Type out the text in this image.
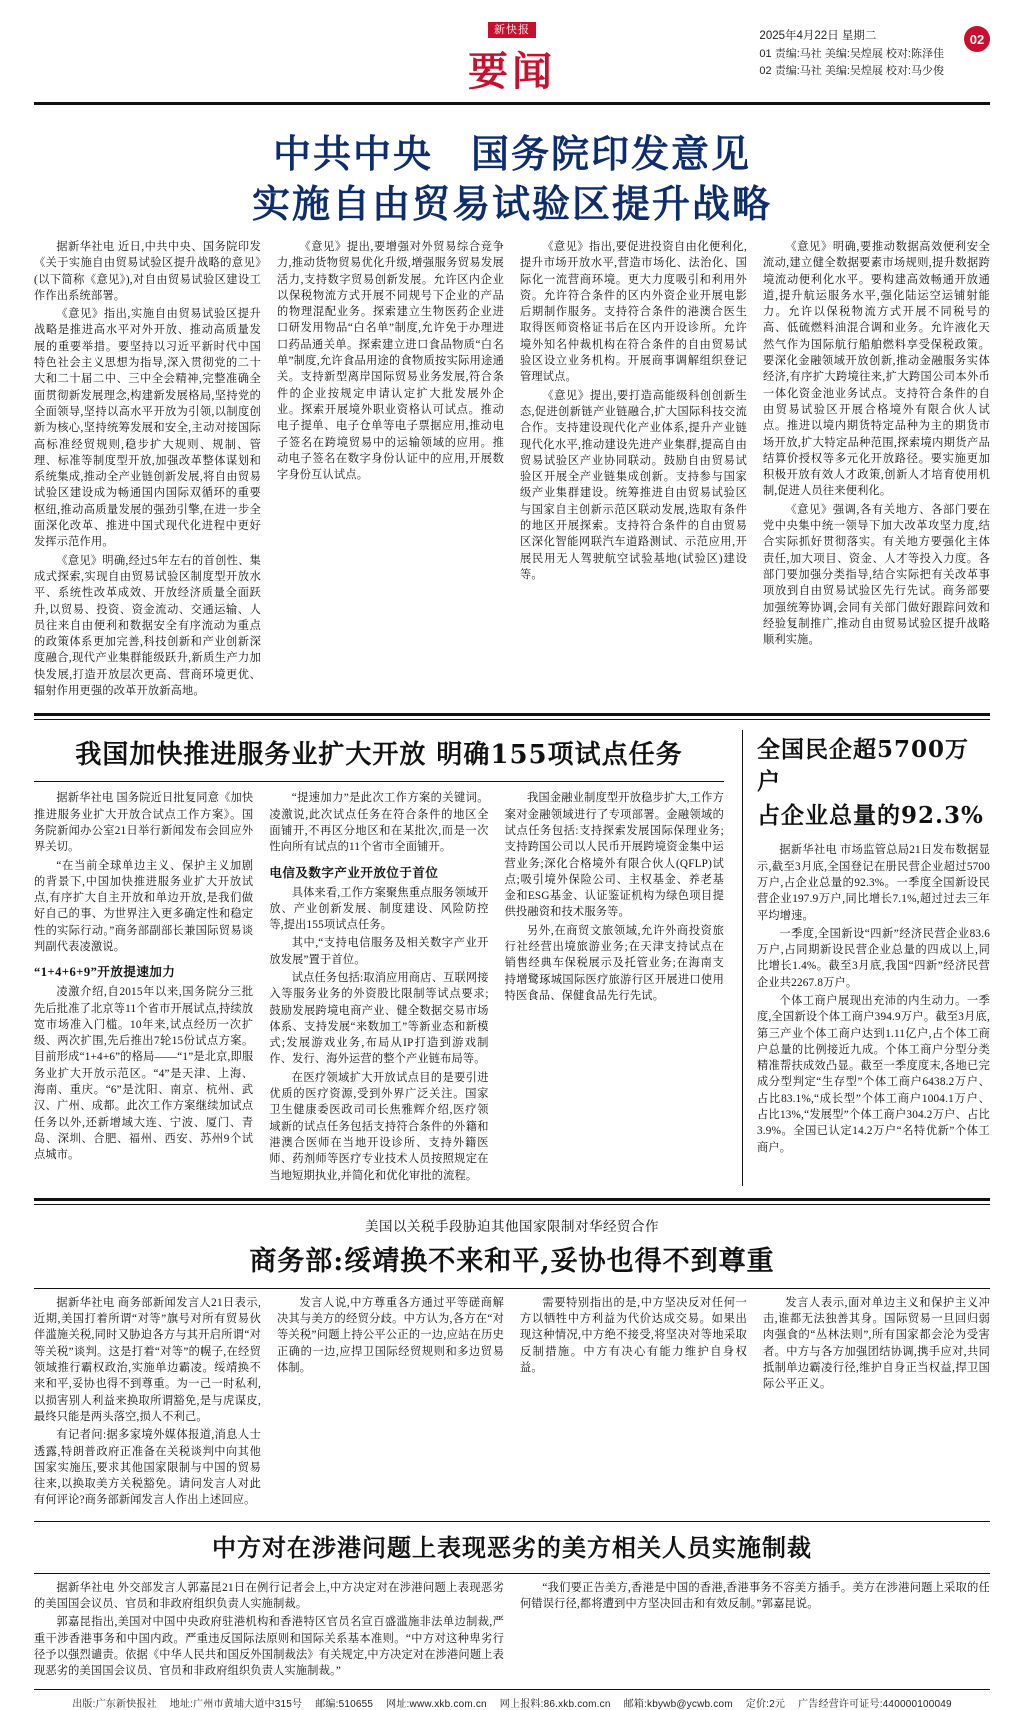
新快报
要闻
2025年4月22日 星期二
01 责编:马社 美编:吴煌展 校对:陈泽佳
02 责编:马社 美编:吴煌展 校对:马少俊
02
中共中央 国务院印发意见
实施自由贸易试验区提升战略

据新华社电 近日,中共中央、国务院印发《关于实施自由贸易试验区提升战略的意见》(以下简称《意见》),对自由贸易试验区建设工作作出系统部署。

《意见》指出,实施自由贸易试验区提升战略是推进高水平对外开放、推动高质量发展的重要举措。要坚持以习近平新时代中国特色社会主义思想为指导,深入贯彻党的二十大和二十届二中、三中全会精神,完整准确全面贯彻新发展理念,构建新发展格局,坚持党的全面领导,坚持以高水平开放为引领,以制度创新为核心,坚持统筹发展和安全,主动对接国际高标准经贸规则,稳步扩大规则、规制、管理、标准等制度型开放,加强改革整体谋划和系统集成,推动全产业链创新发展,将自由贸易试验区建设成为畅通国内国际双循环的重要枢纽,推动高质量发展的强劲引擎,在进一步全面深化改革、推进中国式现代化进程中更好发挥示范作用。

《意见》明确,经过5年左右的首创性、集成式探索,实现自由贸易试验区制度型开放水平、系统性改革成效、开放经济质量全面跃升,以贸易、投资、资金流动、交通运输、人员往来自由便利和数据安全有序流动为重点的政策体系更加完善,科技创新和产业创新深度融合,现代产业集群能级跃升,新质生产力加快发展,打造开放层次更高、营商环境更优、辐射作用更强的改革开放新高地。

《意见》提出,要增强对外贸易综合竞争力,推动货物贸易优化升级,增强服务贸易发展活力,支持数字贸易创新发展。允许区内企业以保税物流方式开展不同规号下企业的产品的物理混配业务。探索建立生物医药企业进口研发用物品“白名单”制度,允许免于办理进口药品通关单。探索建立进口食品物质“白名单”制度,允许食品用途的食物质按实际用途通关。支持新型离岸国际贸易业务发展,符合条件的企业按规定申请认定扩大批发展外企业。探索开展境外职业资格认可试点。推动电子提单、电子仓单等电子票据应用,推动电子签名在跨境贸易中的运输领域的应用。推动电子签名在数字身份认证中的应用,开展数字身份互认试点。

《意见》指出,要促进投资自由化便利化,提升市场开放水平,营造市场化、法治化、国际化一流营商环境。更大力度吸引和利用外资。允许符合条件的区内外资企业开展电影后期制作服务。支持符合条件的港澳合医生取得医师资格证书后在区内开设诊所。允许境外知名仲裁机构在符合条件的自由贸易试验区设立业务机构。开展商事调解组织登记管理试点。

《意见》提出,要打造高能级科创创新生态,促进创新链产业链融合,扩大国际科技交流合作。支持建设现代化产业体系,提升产业链现代化水平,推动建设先进产业集群,提高自由贸易试验区产业协同联动。鼓励自由贸易试验区开展全产业链集成创新。支持参与国家级产业集群建设。统筹推进自由贸易试验区与国家自主创新示范区联动发展,选取有条件的地区开展探索。支持符合条件的自由贸易区深化智能网联汽车道路测试、示范应用,开展民用无人驾驶航空试验基地(试验区)建设等。

《意见》明确,要推动数据高效便利安全流动,建立健全数据要素市场规则,提升数据跨境流动便利化水平。要构建高效畅通开放通道,提升航运服务水平,强化陆运空运铺射能力。允许以保税物流方式开展不同税号的高、低硫燃料油混合调和业务。允许液化天然气作为国际航行船舶燃料享受保税政策。要深化金融领域开放创新,推动金融服务实体经济,有序扩大跨境往来,扩大跨国公司本外币一体化资金池业务试点。支持符合条件的自由贸易试验区开展合格境外有限合伙人试点。推进以境内期货特定品种为主的期货市场开放,扩大特定品种范围,探索境内期货产品结算价授权等多元化开放路径。要实施更加积极开放有效人才政策,创新人才培育使用机制,促进人员往来便利化。

《意见》强调,各有关地方、各部门要在党中央集中统一领导下加大改革攻坚力度,结合实际抓好贯彻落实。有关地方要强化主体责任,加大项目、资金、人才等投入力度。各部门要加强分类指导,结合实际把有关改革事项放到自由贸易试验区先行先试。商务部要加强统筹协调,会同有关部门做好跟踪问效和经验复制推广,推动自由贸易试验区提升战略顺利实施。

我国加快推进服务业扩大开放 明确155项试点任务

据新华社电 国务院近日批复同意《加快推进服务业扩大开放合试点工作方案》。国务院新闻办公室21日举行新闻发布会回应外界关切。

“在当前全球单边主义、保护主义加剧的背景下,中国加快推进服务业扩大开放试点,有序扩大自主开放和单边开放,是我们做好自己的事、为世界注入更多确定性和稳定性的实际行动。”商务部副部长兼国际贸易谈判副代表凌激说。

“1+4+6+9”开放提速加力

凌激介绍,自2015年以来,国务院分三批先后批准了北京等11个省市开展试点,持续放宽市场准入门槛。10年来,试点经历一次扩级、两次扩围,先后推出7轮15份试点方案。目前形成“1+4+6”的格局——“1”是北京,即服务业扩大开放示范区。“4”是天津、上海、海南、重庆。“6”是沈阳、南京、杭州、武汉、广州、成都。此次工作方案继续加试点任务以外,还新增域大连、宁波、厦门、青岛、深圳、合肥、福州、西安、苏州9个试点城市。

“提速加力”是此次工作方案的关键词。凌激说,此次试点任务在符合条件的地区全面铺开,不再区分地区和在某批次,而是一次性向所有试点的11个省市全面铺开。

电信及数字产业开放位于首位

具体来看,工作方案聚焦重点服务领域开放、产业创新发展、制度建设、风险防控等,提出155项试点任务。

其中,“支持电信服务及相关数字产业开放发展”置于首位。

试点任务包括:取消应用商店、互联网接入等服务业务的外资股比限制等试点要求;鼓励发展跨境电商产业、健全数据交易市场体系、支持发展“来数加工”等新业态和新模式;发展游戏业务,布局从IP打造到游戏制作、发行、海外运营的整个产业链布局等。

在医疗领域扩大开放试点目的是要引进优质的医疗资源,受到外界广泛关注。国家卫生健康委医政司司长焦雅辉介绍,医疗领域新的试点任务包括支持符合条件的外籍和港澳合医师在当地开设诊所、支持外籍医师、药剂师等医疗专业技术人员按照规定在当地短期执业,并简化和优化审批的流程。

我国金融业制度型开放稳步扩大,工作方案对金融领域进行了专项部署。金融领域的试点任务包括:支持探索发展国际保理业务;支持跨国公司以人民币开展跨境资金集中运营业务;深化合格境外有限合伙人(QFLP)试点;吸引境外保险公司、主权基金、养老基金和ESG基金、认证鉴证机构为绿色项目提供投融资和技术服务等。

另外,在商贸文旅领域,允许外商投资旅行社经营出境旅游业务;在天津支持试点在销售经典车保税展示及托管业务;在海南支持增鹭琢城国际医疗旅游行区开展进口使用特医食品、保健食品先行先试。

全国民企超5700万户
占企业总量的92.3%

据新华社电 市场监管总局21日发布数据显示,截至3月底,全国登记在册民营企业超过5700万户,占企业总量的92.3%。一季度全国新设民营企业197.9万户,同比增长7.1%,超过过去三年平均增速。

一季度,全国新设“四新”经济民营企业83.6万户,占同期新设民营企业总量的四成以上,同比增长1.4%。截至3月底,我国“四新”经济民营企业共2267.8万户。

个体工商户展现出充沛的内生动力。一季度,全国新设个体工商户394.9万户。截至3月底,第三产业个体工商户达到1.11亿户,占个体工商户总量的比例接近九成。个体工商户分型分类精准帮扶成效凸显。截至一季度度末,各地已完成分型判定“生存型”个体工商户6438.2万户、占比83.1%,“成长型”个体工商户1004.1万户、占比13%,“发展型”个体工商户304.2万户、占比3.9%。全国已认定14.2万户“名特优新”个体工商户。

美国以关税手段胁迫其他国家限制对华经贸合作
商务部:绥靖换不来和平,妥协也得不到尊重

据新华社电 商务部新闻发言人21日表示,近期,美国打着所谓“对等”旗号对所有贸易伙伴滥施关税,同时又胁迫各方与其开启所谓“对等关税”谈判。这是打着“对等”的幌子,在经贸领域推行霸权政治,实施单边霸凌。绥靖换不来和平,妥协也得不到尊重。为一己一时私利,以损害别人利益来换取所谓豁免,是与虎谋皮,最终只能是两头落空,损人不利己。

有记者问:据多家境外媒体报道,消息人士透露,特朗普政府正准备在关税谈判中向其他国家实施压,要求其他国家限制与中国的贸易往来,以换取美方关税豁免。请问发言人对此有何评论?商务部新闻发言人作出上述回应。

发言人说,中方尊重各方通过平等磋商解决其与美方的经贸分歧。中方认为,各方在“对等关税”问题上持公平公正的一边,应站在历史正确的一边,应捍卫国际经贸规则和多边贸易体制。

需要特别指出的是,中方坚决反对任何一方以牺牲中方利益为代价达成交易。如果出现这种情况,中方绝不接受,将坚决对等地采取反制措施。中方有决心有能力维护自身权益。

发言人表示,面对单边主义和保护主义冲击,谁都无法独善其身。国际贸易一旦回归弱肉强食的“丛林法则”,所有国家都会沦为受害者。中方与各方加强团结协调,携手应对,共同抵制单边霸凌行径,维护自身正当权益,捍卫国际公平正义。

中方对在涉港问题上表现恶劣的美方相关人员实施制裁

据新华社电 外交部发言人郭嘉昆21日在例行记者会上,中方决定对在涉港问题上表现恶劣的美国国会议员、官员和非政府组织负责人实施制裁。

郭嘉昆指出,美国对中国中央政府驻港机构和香港特区官员名宣百盛滥施非法单边制裁,严重干涉香港事务和中国内政。严重违反国际法原则和国际关系基本准则。“中方对这种卑劣行径予以强烈谴责。依据《中华人民共和国反外国制裁法》有关规定,中方决定对在涉港问题上表现恶劣的美国国会议员、官员和非政府组织负责人实施制裁。”

“我们要正告美方,香港是中国的香港,香港事务不容美方插手。美方在涉港问题上采取的任何错误行径,都将遭到中方坚决回击和有效反制。”郭嘉昆说。

出版:广东新快报社 地址:广州市黄埔大道中315号 邮编:510655 网址:www.xkb.com.cn 网上报料:86.xkb.com.cn 邮箱:kbywb@ycwb.com 定价:2元 广告经营许可证号:440000100049
